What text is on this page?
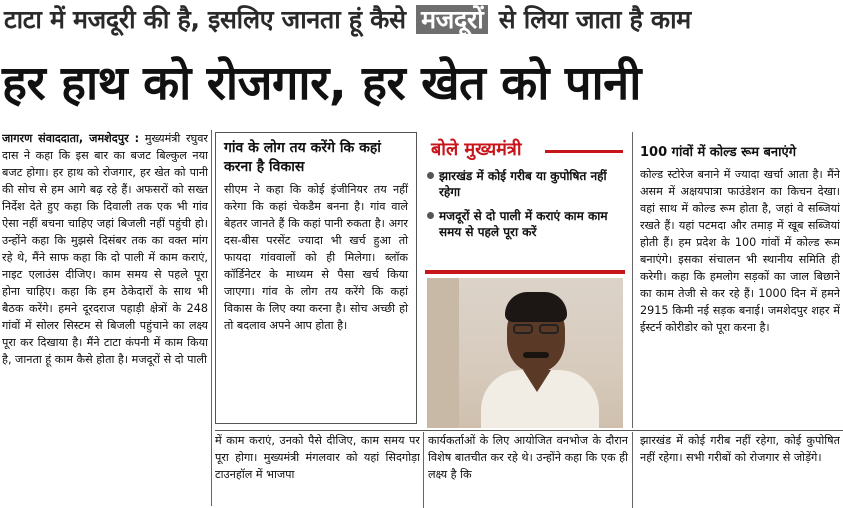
टाटा में मजदूरी की है, इसलिए जानता हूं कैसे मजदूरों से लिया जाता है काम
हर हाथ को रोजगार, हर खेत को पानी

जागरण संवाददाता, जमशेदपुर : मुख्यमंत्री रघुवर दास ने कहा कि इस बार का बजट बिल्कुल नया बजट होगा। हर हाथ को रोजगार, हर खेत को पानी की सोच से हम आगे बढ़ रहे हैं। अफसरों को सख्त निर्देश देते हुए कहा कि दिवाली तक एक भी गांव ऐसा नहीं बचना चाहिए जहां बिजली नहीं पहुंची हो। उन्होंने कहा कि मुझसे दिसंबर तक का वक्त मांग रहे थे, मैंने साफ कहा कि दो पाली में काम कराएं, नाइट एलाउंस दीजिए। काम समय से पहले पूरा होना चाहिए। कहा कि हम ठेकेदारों के साथ भी बैठक करेंगे। हमने दूरदराज पहाड़ी क्षेत्रों के 248 गांवों में सोलर सिस्टम से बिजली पहुंचाने का लक्ष्य पूरा कर दिखाया है। मैंने टाटा कंपनी में काम किया है, जानता हूं काम कैसे होता है। मजदूरों से दो पाली

गांव के लोग तय करेंगे कि कहां करना है विकास
सीएम ने कहा कि कोई इंजीनियर तय नहीं करेगा कि कहां चेकडैम बनना है। गांव वाले बेहतर जानते हैं कि कहां पानी रुकता है। अगर दस-बीस परसेंट ज्यादा भी खर्च हुआ तो फायदा गांववालों को ही मिलेगा। ब्लॉक कॉर्डिनेटर के माध्यम से पैसा खर्च किया जाएगा। गांव के लोग तय करेंगे कि कहां विकास के लिए क्या करना है। सोच अच्छी हो तो बदलाव अपने आप होता है।
बोले मुख्यमंत्री
झारखंड में कोई गरीब या कुपोषित नहीं रहेगा
मजदूरों से दो पाली में कराएं काम काम समय से पहले पूरा करें
100 गांवों में कोल्ड रूम बनाएंगे
कोल्ड स्टोरेज बनाने में ज्यादा खर्चा आता है। मैंने असम में अक्षयपात्रा फाउंडेशन का किचन देखा। वहां साथ में कोल्ड रूम होता है, जहां वे सब्जियां रखते हैं। यहां पटमदा और तमाड़ में खूब सब्जियां होती हैं। हम प्रदेश के 100 गांवों में कोल्ड रूम बनाएंगे। इसका संचालन भी स्थानीय समिति ही करेगी। कहा कि हमलोग सड़कों का जाल बिछाने का काम तेजी से कर रहे हैं। 1000 दिन में हमने 2915 किमी नई सड़क बनाई। जमशेदपुर शहर में ईस्टर्न कोरीडोर को पूरा करना है।
में काम कराएं, उनको पैसे दीजिए, काम समय पर पूरा होगा। मुख्यमंत्री मंगलवार को यहां सिदगोड़ा टाउनहॉल में भाजपा
कार्यकर्ताओं के लिए आयोजित वनभोज के दौरान विशेष बातचीत कर रहे थे। उन्होंने कहा कि एक ही लक्ष्य है कि
झारखंड में कोई गरीब नहीं रहेगा, कोई कुपोषित नहीं रहेगा। सभी गरीबों को रोजगार से जोड़ेंगे।
